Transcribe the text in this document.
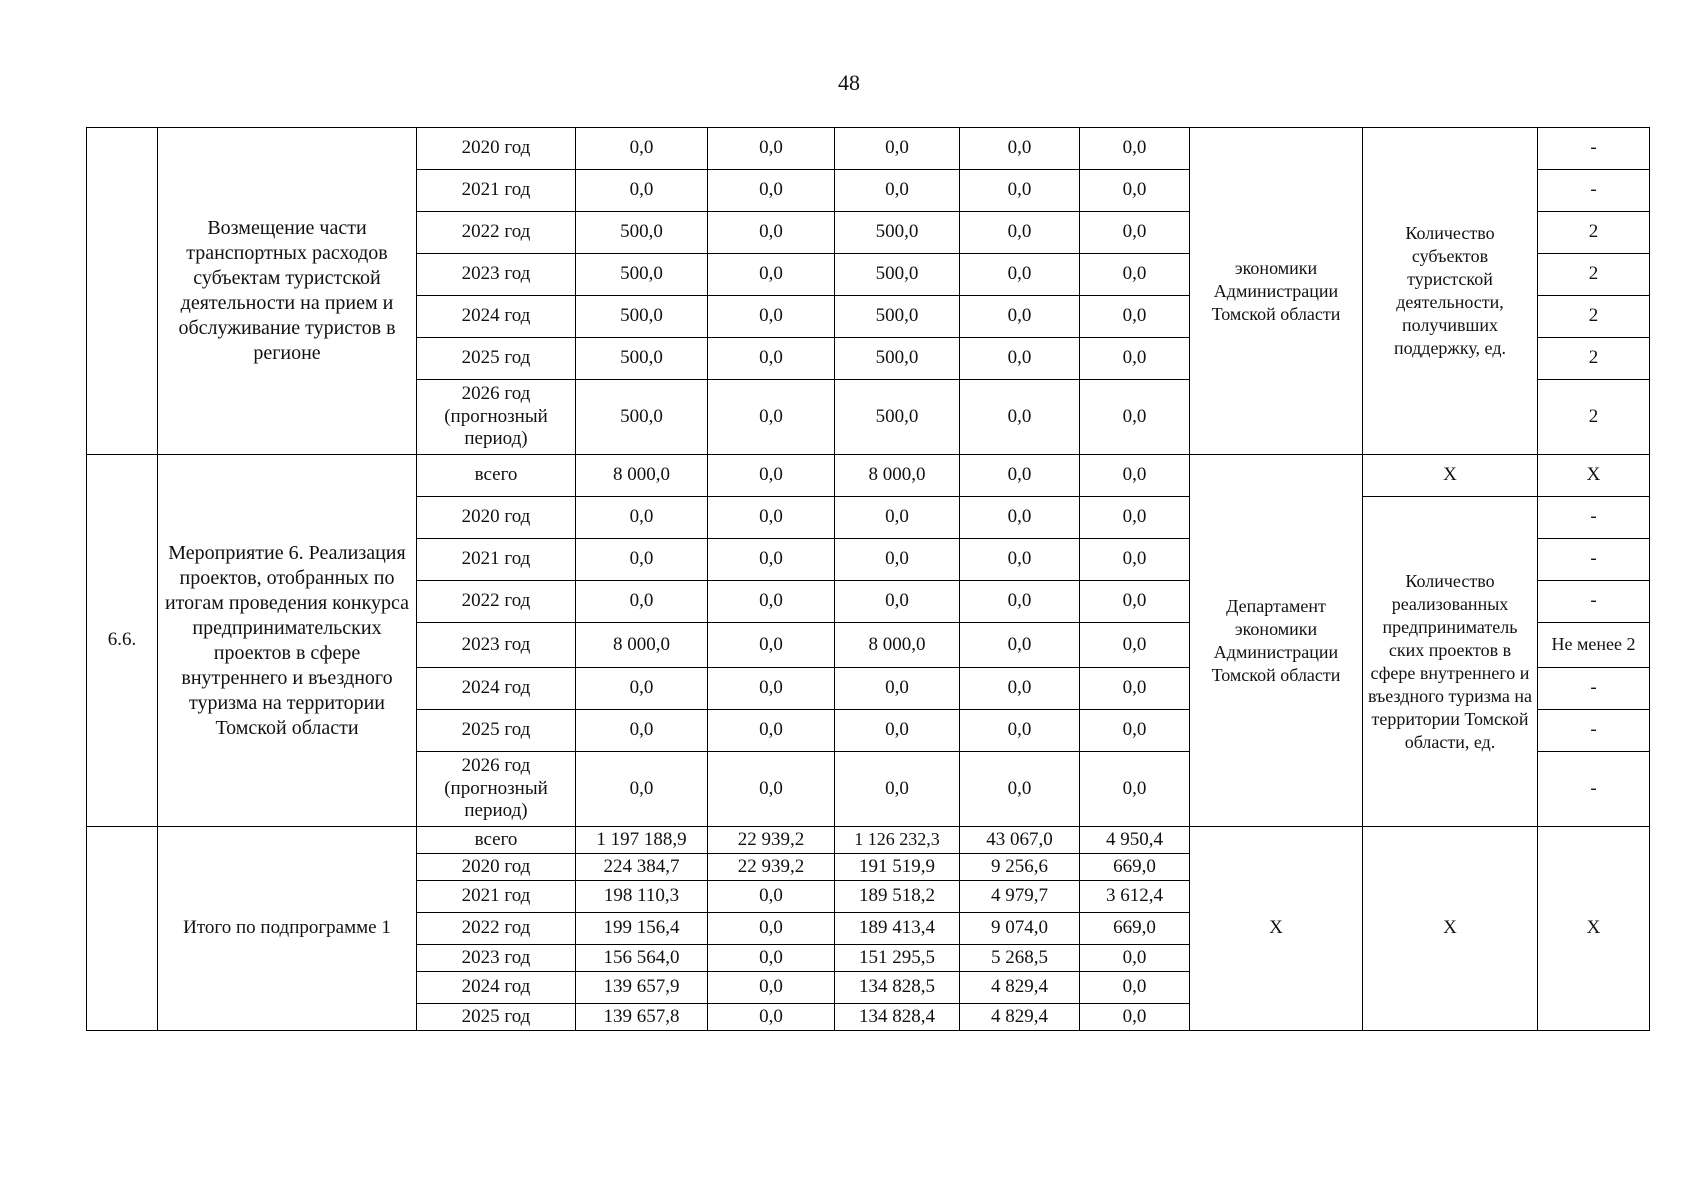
48
	Возмещение части транспортных расходов субъектам туристской деятельности на прием и обслуживание туристов в регионе	2020 год	0,0	0,0	0,0	0,0	0,0	экономики Администрации Томской области	Количество субъектов туристской деятельности, получивших поддержку, ед.	-
		2021 год	0,0	0,0	0,0	0,0	0,0			-
		2022 год	500,0	0,0	500,0	0,0	0,0			2
		2023 год	500,0	0,0	500,0	0,0	0,0			2
		2024 год	500,0	0,0	500,0	0,0	0,0			2
		2025 год	500,0	0,0	500,0	0,0	0,0			2
		2026 год (прогнозный период)	500,0	0,0	500,0	0,0	0,0			2
6.6.	Мероприятие 6. Реализация проектов, отобранных по итогам проведения конкурса предпринимательских проектов в сфере внутреннего и въездного туризма на территории Томской области	всего	8 000,0	0,0	8 000,0	0,0	0,0	Департамент экономики Администрации Томской области	X	X
		2020 год	0,0	0,0	0,0	0,0	0,0		Количество реализованных предприниматель ских проектов в сфере внутреннего и въездного туризма на территории Томской области, ед.	-
		2021 год	0,0	0,0	0,0	0,0	0,0			-
		2022 год	0,0	0,0	0,0	0,0	0,0			-
		2023 год	8 000,0	0,0	8 000,0	0,0	0,0			Не менее 2
		2024 год	0,0	0,0	0,0	0,0	0,0			-
		2025 год	0,0	0,0	0,0	0,0	0,0			-
		2026 год (прогнозный период)	0,0	0,0	0,0	0,0	0,0			-
	Итого по подпрограмме 1	всего	1 197 188,9	22 939,2	1 126 232,3	43 067,0	4 950,4	X	X	X
		2020 год	224 384,7	22 939,2	191 519,9	9 256,6	669,0			
		2021 год	198 110,3	0,0	189 518,2	4 979,7	3 612,4			
		2022 год	199 156,4	0,0	189 413,4	9 074,0	669,0			
		2023 год	156 564,0	0,0	151 295,5	5 268,5	0,0			
		2024 год	139 657,9	0,0	134 828,5	4 829,4	0,0			
		2025 год	139 657,8	0,0	134 828,4	4 829,4	0,0			
